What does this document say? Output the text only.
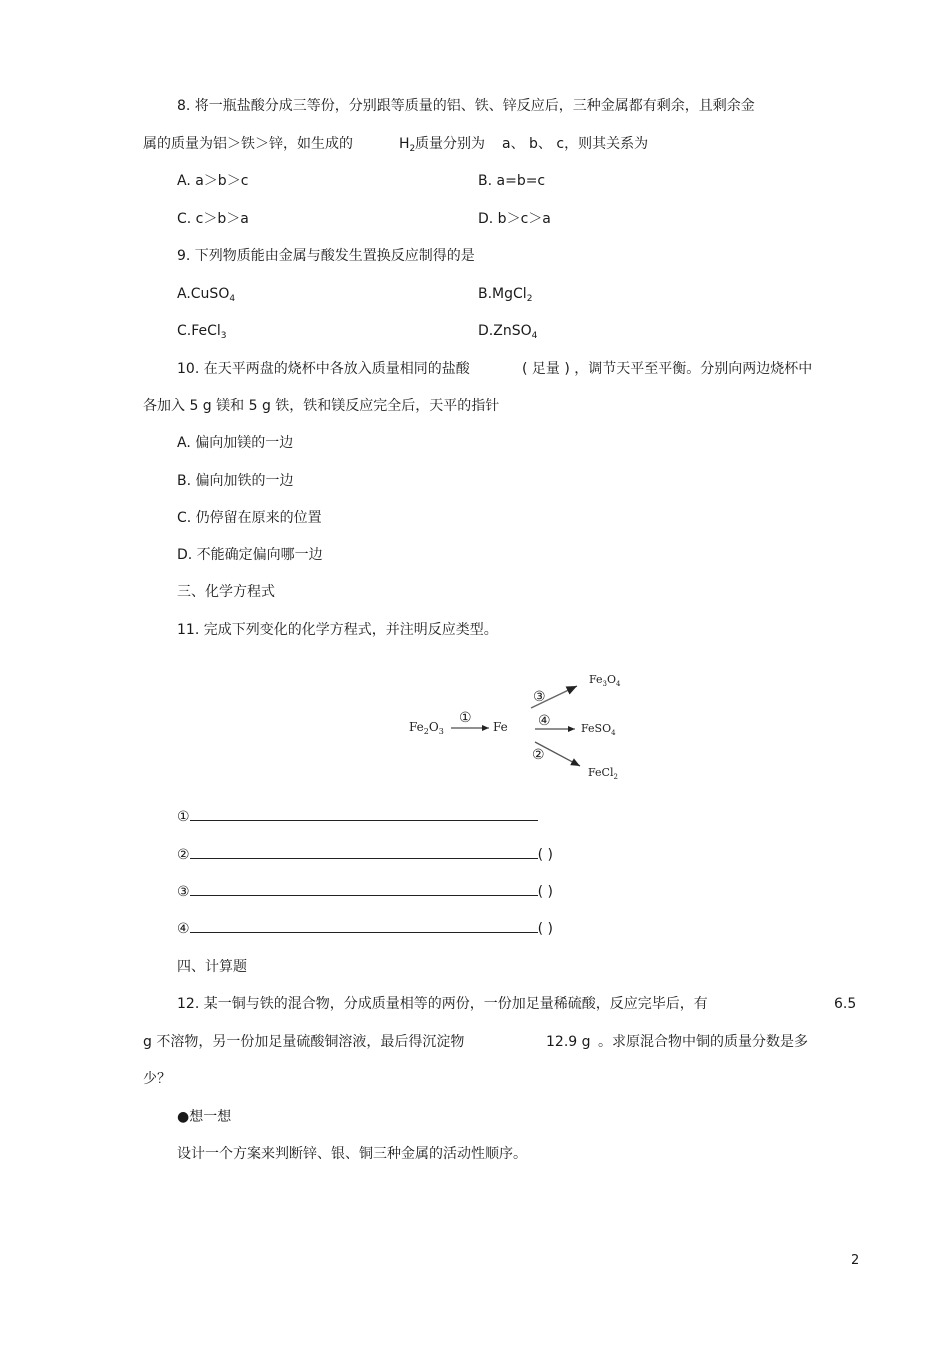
8. 将一瓶盐酸分成三等份，分别跟等质量的铝、铁、锌反应后，三种金属都有剩余，且剩余金
属的质量为铝＞铁＞锌，如生成的	$H_2$ 质量分别为 a、 b、 c，则其关系为
A. a＞b＞c	B. a=b=c
C. c＞b＞a	D. b＞c＞a
9. 下列物质能由金属与酸发生置换反应制得的是
A.CuSO$_4$	B.MgCl$_2$
C.FeCl$_3$	D.ZnSO$_4$
10. 在天平两盘的烧杯中各放入质量相同的盐酸	( 足量 ) ，调节天平至平衡。分别向两边烧杯中
各加入 5 g 镁和 5 g 铁，铁和镁反应完全后，天平的指针
A. 偏向加镁的一边
B. 偏向加铁的一边
C. 仍停留在原来的位置
D. 不能确定偏向哪一边
三、化学方程式
11. 完成下列变化的化学方程式，并注明反应类型。
$Fe_2O_3$
①
Fe
③
$Fe_3O_4$
④	FeSO$_4$
②
FeCl$_2$
①
②	( )
③	( )
④	( )
四、计算题
12. 某一铜与铁的混合物，分成质量相等的两份，一份加足量稀硫酸，反应完毕后，有	6.5
g 不溶物，另一份加足量硫酸铜溶液，最后得沉淀物	12.9 g 。求原混合物中铜的质量分数是多
少？
●想一想
设计一个方案来判断锌、银、铜三种金属的活动性顺序。
2
